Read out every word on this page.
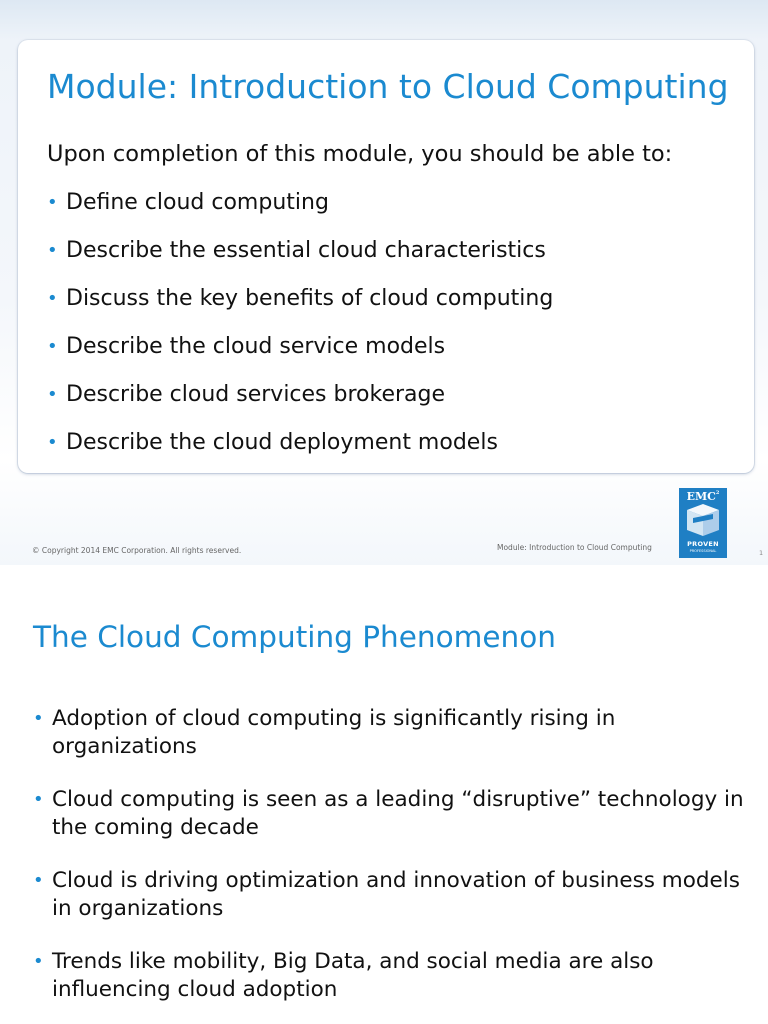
Module: Introduction to Cloud Computing

Upon completion of this module, you should be able to:

• Define cloud computing
• Describe the essential cloud characteristics
• Discuss the key benefits of cloud computing
• Describe the cloud service models
• Describe cloud services brokerage
• Describe the cloud deployment models
© Copyright 2014 EMC Corporation. All rights reserved.	Module: Introduction to Cloud Computing
1
EMC$^2$
PROVEN
PROFESSIONAL
The Cloud Computing Phenomenon
• Adoption of cloud computing is significantly rising in
organizations
• Cloud computing is seen as a leading “disruptive” technology in
the coming decade
• Cloud is driving optimization and innovation of business models
in organizations
• Trends like mobility, Big Data, and social media are also
influencing cloud adoption
